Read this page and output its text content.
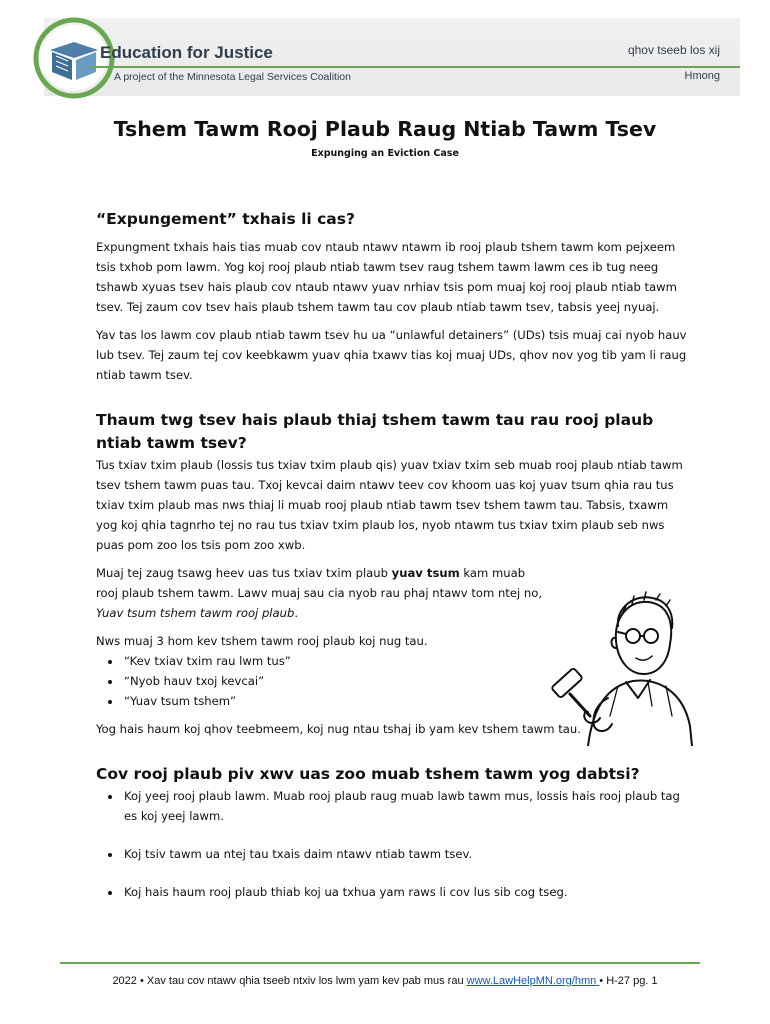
Education for Justice
A project of the Minnesota Legal Services Coalition
qhov tseeb los xij
Hmong
Tshem Tawm Rooj Plaub Raug Ntiab Tawm Tsev
Expunging an Eviction Case
“Expungement” txhais li cas?

Expungment txhais hais tias muab cov ntaub ntawv ntawm ib rooj plaub tshem tawm kom pejxeem tsis txhob pom lawm. Yog koj rooj plaub ntiab tawm tsev raug tshem tawm lawm ces ib tug neeg tshawb xyuas tsev hais plaub cov ntaub ntawv yuav nrhiav tsis pom muaj koj rooj plaub ntiab tawm tsev. Tej zaum cov tsev hais plaub tshem tawm tau cov plaub ntiab tawm tsev, tabsis yeej nyuaj.

Yav tas los lawm cov plaub ntiab tawm tsev hu ua “unlawful detainers” (UDs) tsis muaj cai nyob hauv lub tsev. Tej zaum tej cov keebkawm yuav qhia txawv tias koj muaj UDs, qhov nov yog tib yam li raug ntiab tawm tsev.

Thaum twg tsev hais plaub thiaj tshem tawm tau rau rooj plaub ntiab tawm tsev?

Tus txiav txim plaub (lossis tus txiav txim plaub qis) yuav txiav txim seb muab rooj plaub ntiab tawm tsev tshem tawm puas tau. Txoj kevcai daim ntawv teev cov khoom uas koj yuav tsum qhia rau tus txiav txim plaub mas nws thiaj li muab rooj plaub ntiab tawm tsev tshem tawm tau. Tabsis, txawm yog koj qhia tagnrho tej no rau tus txiav txim plaub los, nyob ntawm tus txiav txim plaub seb nws puas pom zoo los tsis pom zoo xwb.

Muaj tej zaug tsawg heev uas tus txiav txim plaub yuav tsum kam muab rooj plaub tshem tawm. Lawv muaj sau cia nyob rau phaj ntawv tom ntej no, Yuav tsum tshem tawm rooj plaub.

Nws muaj 3 hom kev tshem tawm rooj plaub koj nug tau.

• “Kev txiav txim rau lwm tus”
• “Nyob hauv txoj kevcai”
• “Yuav tsum tshem”

Yog hais haum koj qhov teebmeem, koj nug ntau tshaj ib yam kev tshem tawm tau.

Cov rooj plaub piv xwv uas zoo muab tshem tawm yog dabtsi?
• Koj yeej rooj plaub lawm. Muab rooj plaub raug muab lawb tawm mus, lossis hais rooj plaub tag es koj yeej lawm.
• Koj tsiv tawm ua ntej tau txais daim ntawv ntiab tawm tsev.
• Koj hais haum rooj plaub thiab koj ua txhua yam raws li cov lus sib cog tseg.
2022 • Xav tau cov ntawv qhia tseeb ntxiv los lwm yam kev pab mus rau www.LawHelpMN.org/hmn • H-27 pg. 1
